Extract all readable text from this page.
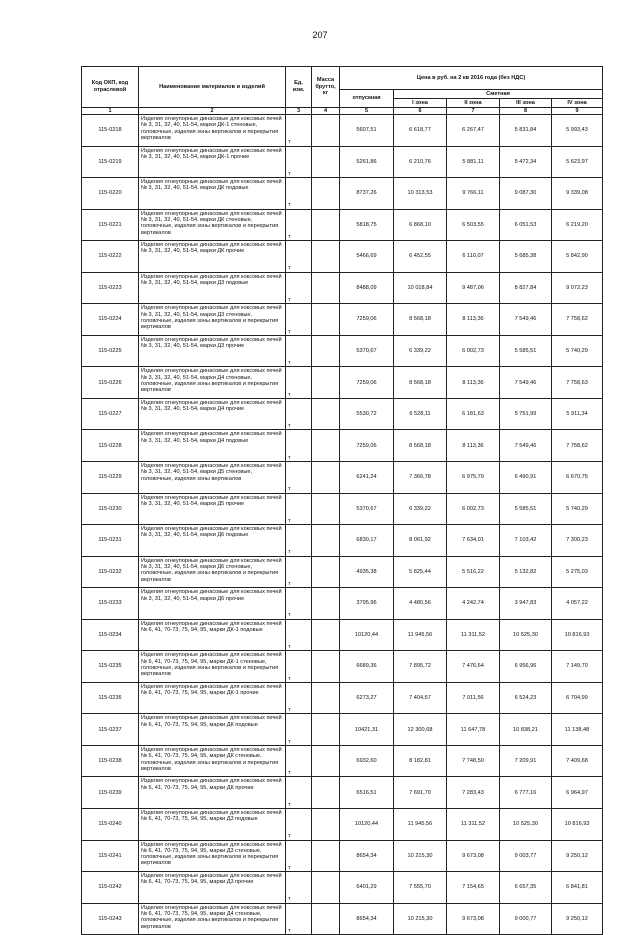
207
Код ОКП, код отраслевой	Наименование материалов и изделий	Ед. изм.	Масса брутто, кг	Цена в руб. на 2 кв 2016 года (без НДС)				
				отпускная	Сметная			
					I зона	II зона	III зона	IV зона
1	2	3	4	5	6	7	8	9
115-0218	Изделия огнеупорные динасовые для коксовых печей № 3, 31, 32, 40, 51-54, марки ДК-1 стеновые, головочные, изделия зоны вертикалов и перекрытия вертикалов	т		5607,51	6 618,77	6 267,47	5 831,84	5 993,43
115-0219	Изделия огнеупорные динасовые для коксовых печей № 3, 31, 32, 40, 51-54, марки ДК-1 прочие	т		5261,86	6 210,76	5 881,11	5 472,34	5 623,97
115-0220	Изделия огнеупорные динасовые для коксовых печей № 3, 31, 32, 40, 51-54, марки ДК подовые	т		8737,26	10 313,53	9 766,11	9 087,30	9 339,08
115-0221	Изделия огнеупорные динасовые для коксовых печей № 3, 31, 32, 40, 51-54, марки ДК стеновые, головочные, изделия зоны вертикалов и перекрытия вертикалов	т		5818,75	6 868,10	6 503,55	6 051,53	6 219,20
115-0222	Изделия огнеупорные динасовые для коксовых печей № 3, 31, 32, 40, 51-54, марки ДК прочие	т		5466,69	6 452,55	6 110,07	5 685,38	5 842,90
115-0223	Изделия огнеупорные динасовые для коксовых печей № 3, 31, 32, 40, 51-54, марки Д3 подовые	т		8488,09	10 018,84	9 487,06	8 827,84	9 072,23
115-0224	Изделия огнеупорные динасовые для коксовых печей № 3, 31, 32, 40, 51-54, марки Д3 стеновые, головочные, изделия зоны вертикалов и перекрытия вертикалов	т		7259,06	8 568,18	8 113,36	7 549,46	7 758,62
115-0225	Изделия огнеупорные динасовые для коксовых печей № 3, 31, 32, 40, 51-54, марки Д3 прочие	т		5370,67	6 339,22	6 002,73	5 585,51	5 740,29
115-0226	Изделия огнеупорные динасовые для коксовых печей № 3, 31, 32, 40, 51-54, марки Д4 стеновые, головочные, изделия зоны вертикалов и перекрытия вертикалов	т		7259,06	8 568,18	8 113,36	7 549,46	7 758,63
115-0227	Изделия огнеупорные динасовые для коксовых печей № 3, 31, 32, 40, 51-54, марки Д4 прочие	т		5530,72	6 528,11	6 181,63	5 751,99	5 911,34
115-0228	Изделия огнеупорные динасовые для коксовых печей № 3, 31, 32, 40, 51-54, марки Д4 подовые	т		7259,06	8 568,18	8 113,36	7 549,46	7 758,62
115-0229	Изделия огнеупорные динасовые для коксовых печей № 3, 31, 32, 40, 51-54, марки Д5 стеновые, головочные, изделия зоны вертикалов	т		6241,24	7 366,78	6 975,79	6 490,91	6 670,75
115-0230	Изделия огнеупорные динасовые для коксовых печей № 3, 31, 32, 40, 51-54, марки Д5 прочие	т		5370,67	6 339,22	6 002,73	5 585,51	5 740,29
115-0231	Изделия огнеупорные динасовые для коксовых печей № 3, 31, 32, 40, 51-54, марки Д6 подовые	т		6830,17	8 061,92	7 634,01	7 103,42	7 300,23
115-0232	Изделия огнеупорные динасовые для коксовых печей № 3, 31, 32, 40, 51-54, марки Д6 стеновые, головочные, изделия зоны вертикалов и перекрытия вертикалов	т		4935,38	5 825,44	5 516,22	5 132,82	5 275,03
115-0233	Изделия огнеупорные динасовые для коксовых печей № 3, 31, 32, 40, 51-54, марки Д6 прочие	т		3795,96	4 480,56	4 242,74	3 947,83	4 057,22
115-0234	Изделия огнеупорные динасовые для коксовых печей № 6, 41, 70-73, 75, 94, 95, марки ДК-1 подовые	т		10120,44	11 945,56	11 311,52	10 525,30	10 816,93
115-0235	Изделия огнеупорные динасовые для коксовых печей № 6, 41, 70-73, 75, 94, 95, марки ДК-1 стеновые, головочные, изделия зоны вертикалов и перекрытия вертикалов	т		6689,36	7 895,72	7 476,64	6 956,96	7 149,70
115-0236	Изделия огнеупорные динасовые для коксовых печей № 6, 41, 70-73, 75, 94, 95, марки ДК-1 прочие	т		6273,27	7 404,57	7 011,56	6 524,23	6 704,99
115-0237	Изделия огнеупорные динасовые для коксовых печей № 6, 41, 70-73, 75, 94, 95, марки ДК подовые	т		10421,31	12 300,68	11 647,78	10 838,21	11 138,48
115-0238	Изделия огнеупорные динасовые для коксовых печей № 6, 41, 70-73, 75, 94, 95, марки ДК стеновые, головочные, изделия зоны вертикалов и перекрытия вертикалов	т		6932,60	8 182,81	7 748,50	7 209,91	7 409,68
115-0239	Изделия огнеупорные динасовые для коксовых печей № 6, 41, 70-73, 75, 94, 95, марки ДК прочие	т		6516,51	7 691,70	7 283,43	6 777,16	6 964,97
115-0240	Изделия огнеупорные динасовые для коксовых печей № 6, 41, 70-73, 75, 94, 95, марки Д3 подовые	т		10120,44	11 945,56	11 311,52	10 525,30	10 816,93
115-0241	Изделия огнеупорные динасовые для коксовых печей № 6, 41, 70-73, 75, 94, 95, марки Д3 стеновые, головочные, изделия зоны вертикалов и перекрытия вертикалов	т		8654,34	10 215,30	9 673,08	9 003,77	9 250,12
115-0242	Изделия огнеупорные динасовые для коксовых печей № 6, 41, 70-73, 75, 94, 95, марки Д3 прочие	т		6401,29	7 555,70	7 154,65	6 657,35	6 841,81
115-0243	Изделия огнеупорные динасовые для коксовых печей № 6, 41, 70-73, 75, 94, 95, марки Д4 стеновые, головочные, изделия зоны вертикалов и перекрытия вертикалов	т		8654,34	10 215,30	9 673,08	9 000,77	9 250,12
